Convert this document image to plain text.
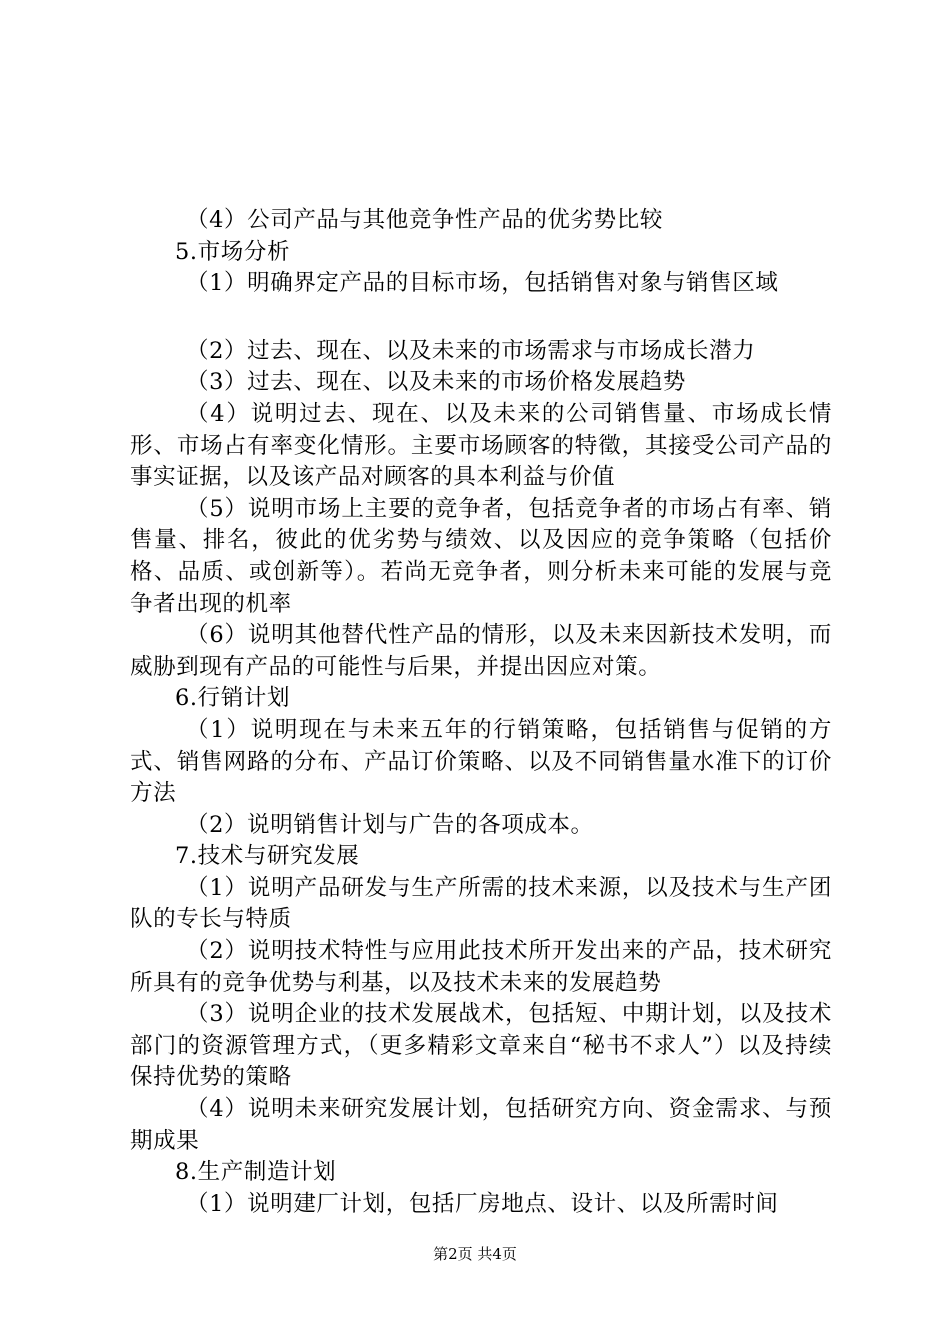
（4）公司产品与其他竞争性产品的优劣势比较

5.市场分析

（1）明确界定产品的目标市场，包括销售对象与销售区域

（2）过去、现在、以及未来的市场需求与市场成长潜力

（3）过去、现在、以及未来的市场价格发展趋势

（4）说明过去、现在、以及未来的公司销售量、市场成长情形、市场占有率变化情形。主要市场顾客的特徵，其接受公司产品的事实证据，以及该产品对顾客的具本利益与价值

（5）说明市场上主要的竞争者，包括竞争者的市场占有率、销售量、排名，彼此的优劣势与绩效、以及因应的竞争策略（包括价格、品质、或创新等）。若尚无竞争者，则分析未来可能的发展与竞争者出现的机率

（6）说明其他替代性产品的情形，以及未来因新技术发明，而威胁到现有产品的可能性与后果，并提出因应对策。

6.行销计划

（1）说明现在与未来五年的行销策略，包括销售与促销的方式、销售网路的分布、产品订价策略、以及不同销售量水准下的订价方法

（2）说明销售计划与广告的各项成本。

7.技术与研究发展

（1）说明产品研发与生产所需的技术来源，以及技术与生产团队的专长与特质

（2）说明技术特性与应用此技术所开发出来的产品，技术研究所具有的竞争优势与利基，以及技术未来的发展趋势

（3）说明企业的技术发展战术，包括短、中期计划，以及技术部门的资源管理方式，（更多精彩文章来自“秘书不求人”）以及持续保持优势的策略

（4）说明未来研究发展计划，包括研究方向、资金需求、与预期成果

8.生产制造计划

（1）说明建厂计划，包括厂房地点、设计、以及所需时间

第2页 共4页
